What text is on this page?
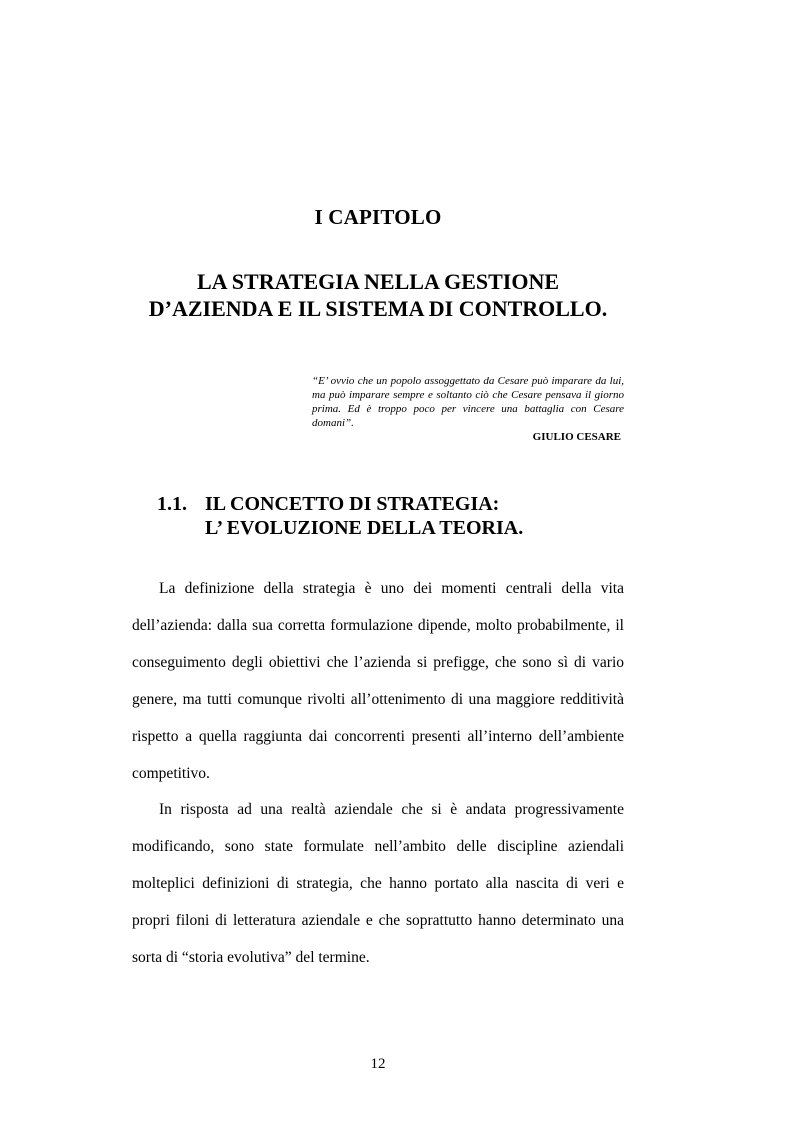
I CAPITOLO
LA STRATEGIA NELLA GESTIONE
D’AZIENDA E IL SISTEMA DI CONTROLLO.
“E’ ovvio che un popolo assoggettato da Cesare può imparare da lui, ma può imparare sempre e soltanto ciò che Cesare pensava il giorno prima. Ed è troppo poco per vincere una battaglia con Cesare domani”.
GIULIO CESARE
1.1. IL CONCETTO DI STRATEGIA:
L’ EVOLUZIONE DELLA TEORIA.

La definizione della strategia è uno dei momenti centrali della vita dell’azienda: dalla sua corretta formulazione dipende, molto probabilmente, il conseguimento degli obiettivi che l’azienda si prefigge, che sono sì di vario genere, ma tutti comunque rivolti all’ottenimento di una maggiore redditività rispetto a quella raggiunta dai concorrenti presenti all’interno dell’ambiente competitivo.

In risposta ad una realtà aziendale che si è andata progressivamente modificando, sono state formulate nell’ambito delle discipline aziendali molteplici definizioni di strategia, che hanno portato alla nascita di veri e propri filoni di letteratura aziendale e che soprattutto hanno determinato una sorta di “storia evolutiva” del termine.

12
